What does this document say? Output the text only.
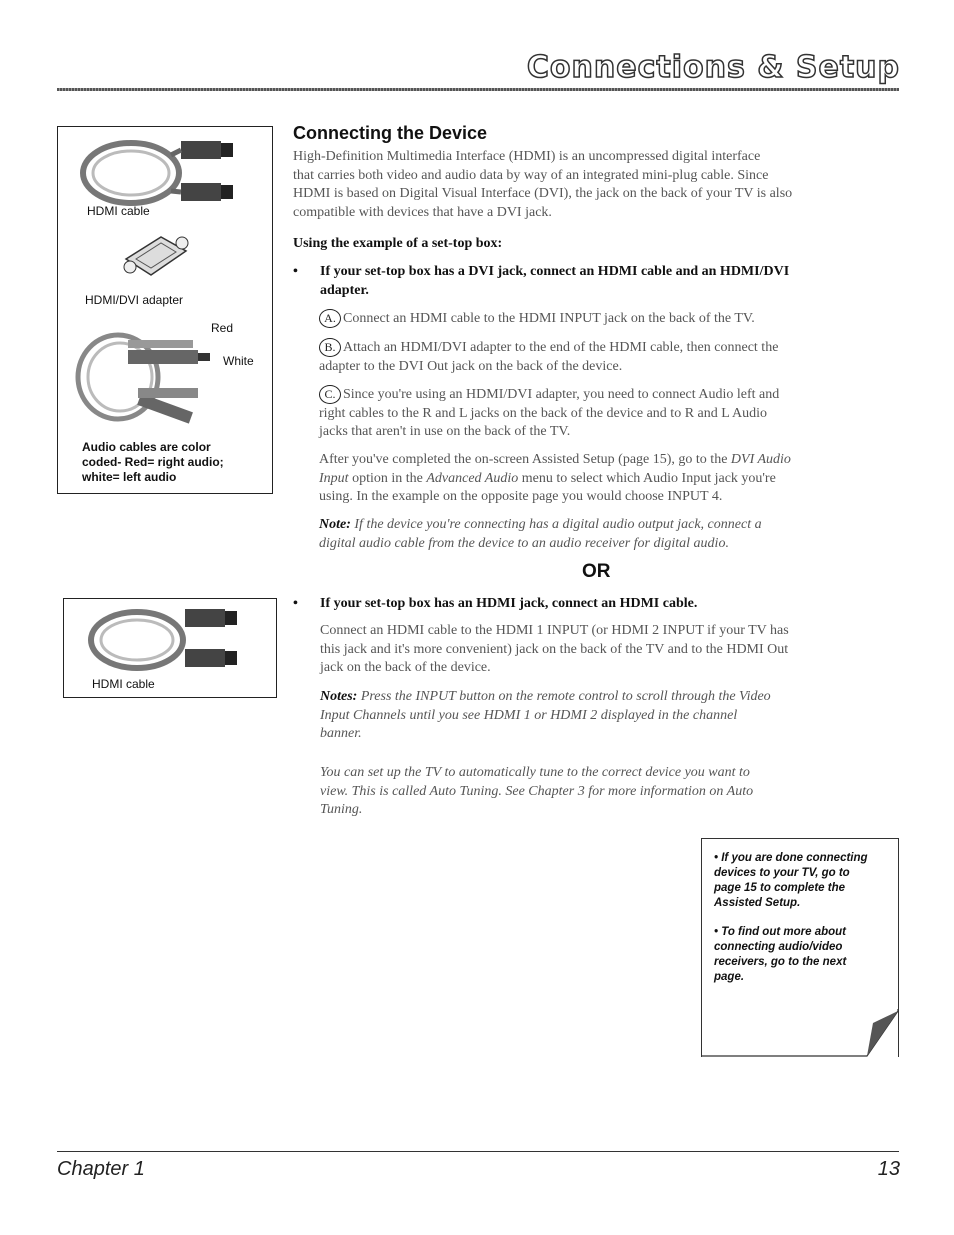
Connections & Setup
HDMI cable
HDMI/DVI adapter
Red
White
Audio cables are color
coded- Red= right audio;
white= left audio
HDMI cable
Connecting the Device

High-Definition Multimedia Interface (HDMI) is an uncompressed digital interface

that carries both video and audio data by way of an integrated mini-plug cable. Since

HDMI is based on Digital Visual Interface (DVI), the jack on the back of your TV is also

compatible with devices that have a DVI jack.

Using the example of a set-top box:
• If your set-top box has a DVI jack, connect an HDMI cable and an HDMI/DVI
adapter.

A. Connect an HDMI cable to the HDMI INPUT jack on the back of the TV.

B. Attach an HDMI/DVI adapter to the end of the HDMI cable, then connect the

adapter to the DVI Out jack on the back of the device.

C. Since you're using an HDMI/DVI adapter, you need to connect Audio left and

right cables to the R and L jacks on the back of the device and to R and L Audio

jacks that aren't in use on the back of the TV.

After you've completed the on-screen Assisted Setup (page 15), go to the DVI Audio

Input option in the Advanced Audio menu to select which Audio Input jack you're

using. In the example on the opposite page you would choose INPUT 4.

Note: If the device you're connecting has a digital audio output jack, connect a

digital audio cable from the device to an audio receiver for digital audio.

OR
• If your set-top box has an HDMI jack, connect an HDMI cable.

Connect an HDMI cable to the HDMI 1 INPUT (or HDMI 2 INPUT if your TV has

this jack and it's more convenient) jack on the back of the TV and to the HDMI Out

jack on the back of the device.

Notes: Press the INPUT button on the remote control to scroll through the Video

Input Channels until you see HDMI 1 or HDMI 2 displayed in the channel

banner.

You can set up the TV to automatically tune to the correct device you want to

view. This is called Auto Tuning. See Chapter 3 for more information on Auto

Tuning.

• If you are done connecting
devices to your TV, go to
page 15 to complete the
Assisted Setup.
• To find out more about
connecting audio/video
receivers, go to the next
page.
Chapter 1	13
